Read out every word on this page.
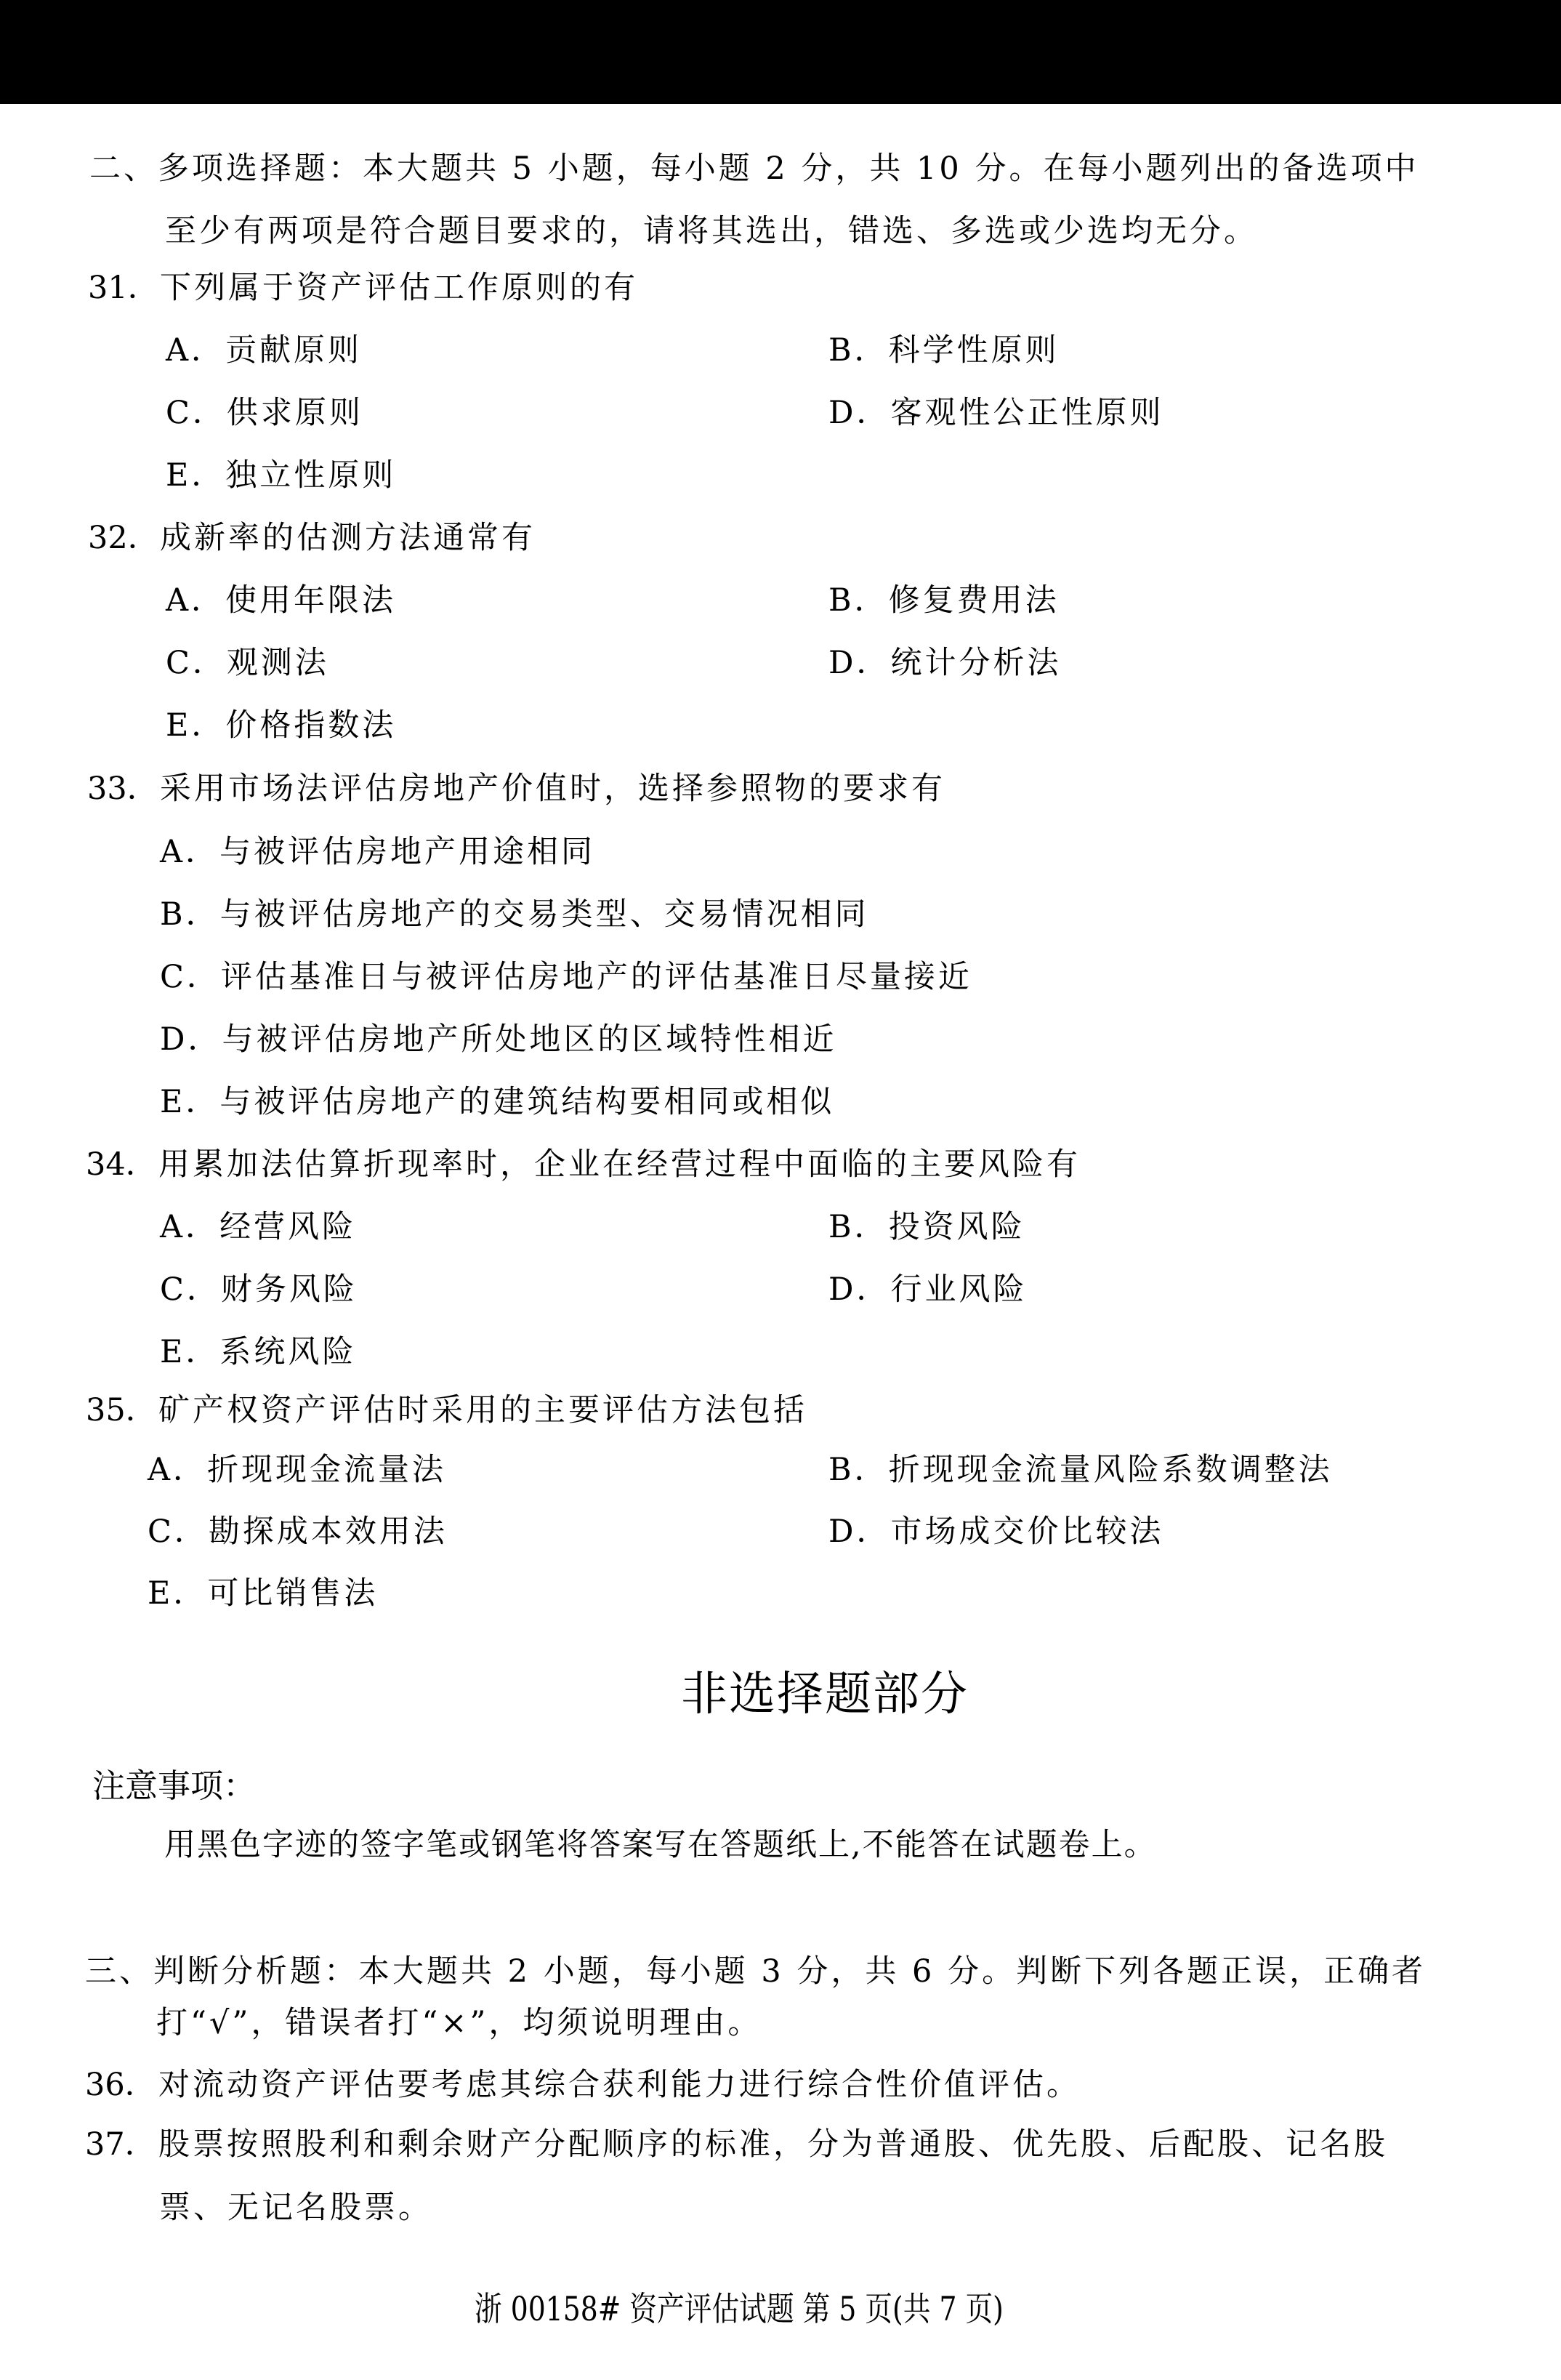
二、多项选择题：本大题共 5 小题，每小题 2 分，共 10 分。在每小题列出的备选项中
至少有两项是符合题目要求的，请将其选出，错选、多选或少选均无分。
31． 下列属于资产评估工作原则的有
A．贡献原则	B．科学性原则
C．供求原则	D．客观性公正性原则
E．独立性原则
32． 成新率的估测方法通常有
A．使用年限法	B．修复费用法
C．观测法	D．统计分析法
E．价格指数法
33． 采用市场法评估房地产价值时，选择参照物的要求有
A．与被评估房地产用途相同
B．与被评估房地产的交易类型、交易情况相同
C．评估基准日与被评估房地产的评估基准日尽量接近
D．与被评估房地产所处地区的区域特性相近
E．与被评估房地产的建筑结构要相同或相似
34． 用累加法估算折现率时，企业在经营过程中面临的主要风险有
A．经营风险	B．投资风险
C．财务风险	D．行业风险
E．系统风险
35． 矿产权资产评估时采用的主要评估方法包括
A．折现现金流量法	B．折现现金流量风险系数调整法
C．勘探成本效用法	D．市场成交价比较法
E．可比销售法
非选择题部分
注意事项：
用黑色字迹的签字笔或钢笔将答案写在答题纸上,不能答在试题卷上。
三、判断分析题：本大题共 2 小题，每小题 3 分，共 6 分。判断下列各题正误，正确者
打“√”，错误者打“×”，均须说明理由。
36． 对流动资产评估要考虑其综合获利能力进行综合性价值评估。
37． 股票按照股利和剩余财产分配顺序的标准，分为普通股、优先股、后配股、记名股
票、无记名股票。
浙 00158# 资产评估试题 第 5 页(共 7 页)
